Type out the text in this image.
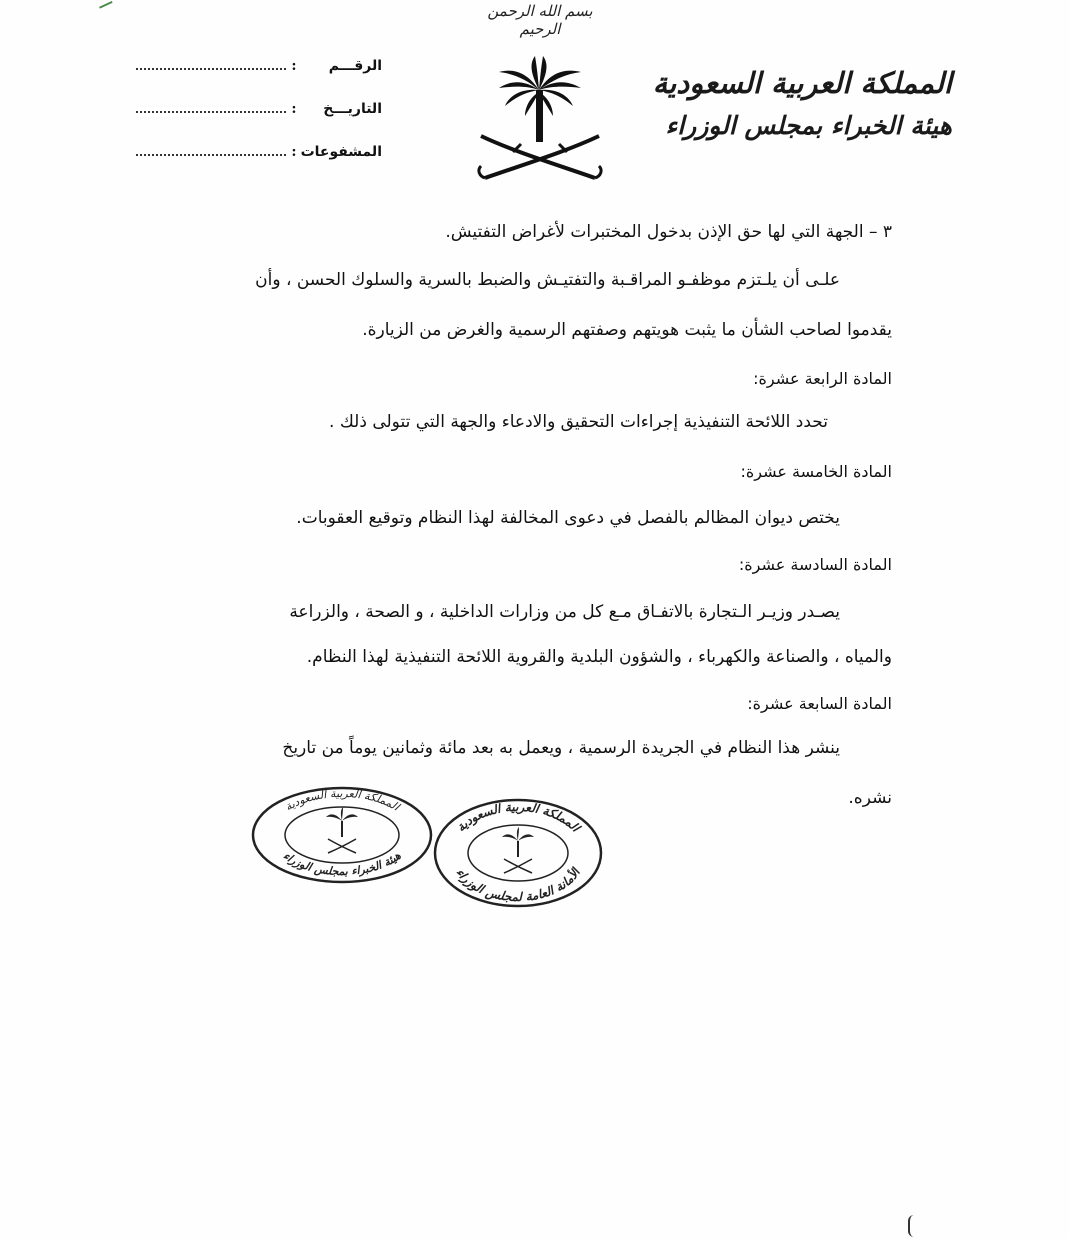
بسم الله الرحمن الرحيم
المملكة العربية السعودية
هيئة الخبراء بمجلس الوزراء
الرقـــم
:
التاريـــخ
:
المشفوعات
:
٣ – الجهة التي لها حق الإذن بدخول المختبرات لأغراض التفتيش.
علـى أن يلـتزم موظفـو المراقـبة والتفتيـش والضبط بالسرية والسلوك الحسن ، وأن
يقدموا لصاحب الشأن ما يثبت هويتهم وصفتهم الرسمية والغرض من الزيارة.
المادة الرابعة عشرة:
تحدد اللائحة التنفيذية إجراءات التحقيق والادعاء والجهة التي تتولى ذلك .
المادة الخامسة عشرة:
يختص ديوان المظالم بالفصل في دعوى المخالفة لهذا النظام وتوقيع العقوبات.
المادة السادسة عشرة:
يصـدر وزيـر الـتجارة بالاتفـاق مـع كل من وزارات الداخلية ، و الصحة ، والزراعة
والمياه ، والصناعة والكهرباء ، والشؤون البلدية والقروية اللائحة التنفيذية لهذا النظام.
المادة السابعة عشرة:
ينشر هذا النظام في الجريدة الرسمية ، ويعمل به بعد مائة وثمانين يوماً من تاريخ
نشره.
المملكة العربية السعودية
هيئة الخبراء بمجلس الوزراء
المملكة العربية السعودية
الأمانة العامة لمجلس الوزراء
